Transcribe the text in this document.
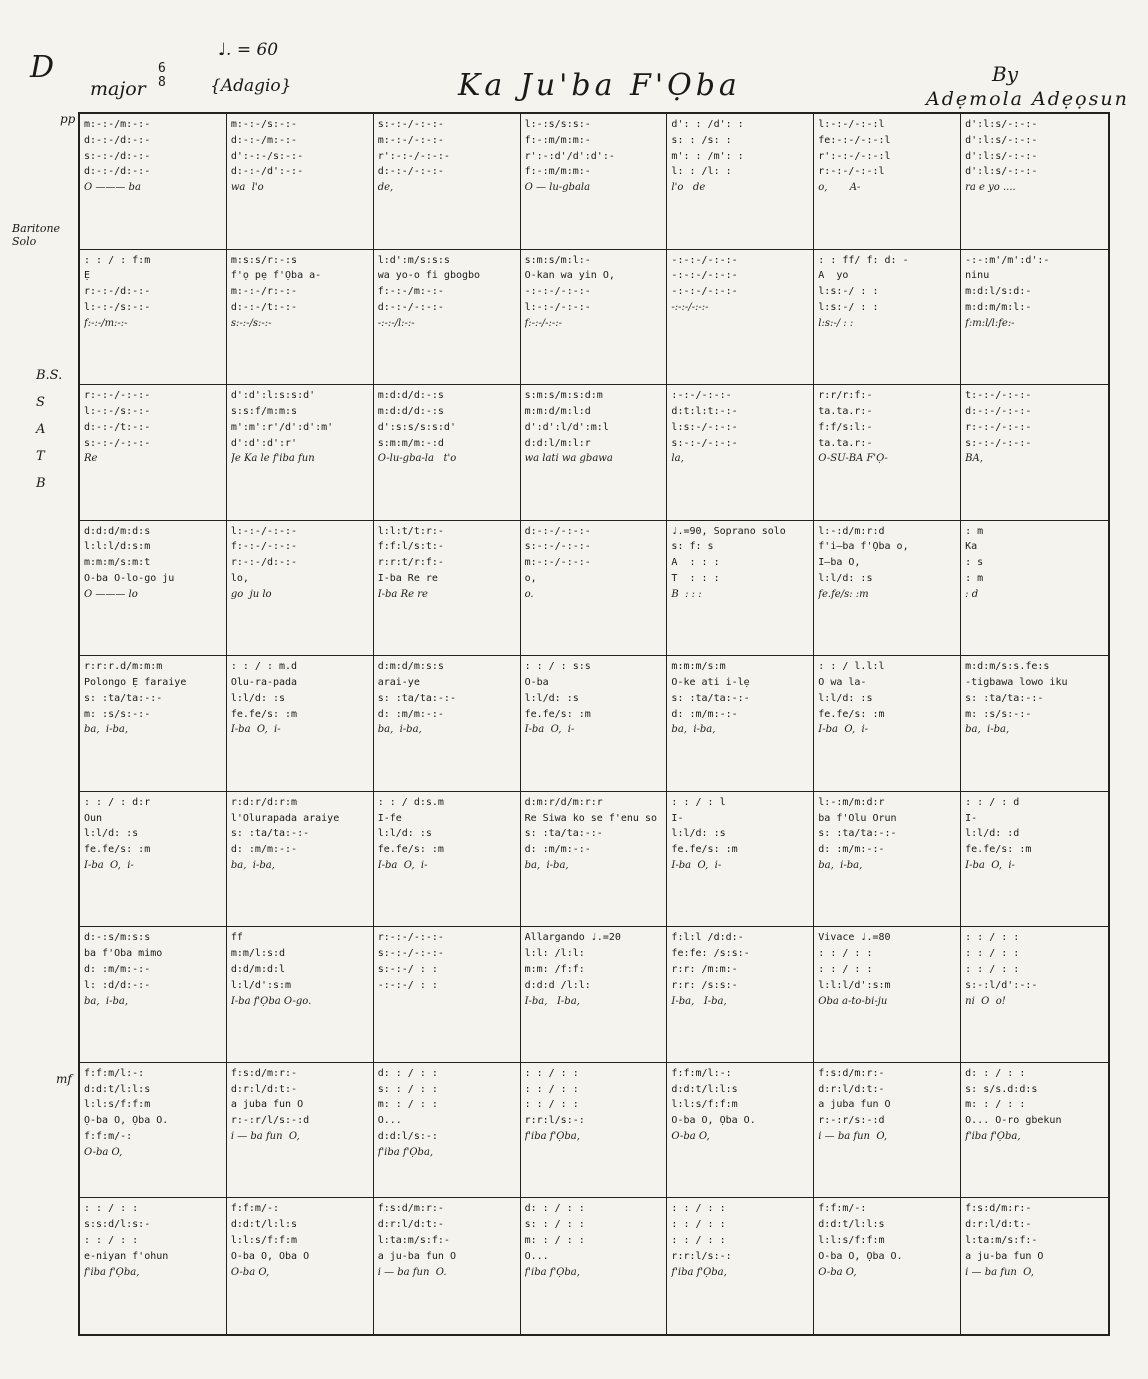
D
major
6
8
♩. = 60
{Adagio}	Ka Ju'ba F'Ọba	By
Adẹmola Adẹọsun
pp
Baritone
Solo
B.S.
S
A
T
B
mf
m:-:-/m:-:-
d:-:-/d:-:-
s:-:-/d:-:-
d:-:-/d:-:-
O ——— ba
m:-:-/s:-:-
d:-:-/m:-:-
d':-:-/s:-:-
d:-:-/d':-:-
wa  l'o
s:-:-/-:-:-
m:-:-/-:-:-
r':-:-/-:-:-
d:-:-/-:-:-
de,
l:-:s/s:s:-
f:-:m/m:m:-
r':-:d'/d':d':-
f:-:m/m:m:-
O — lu-gbala
d': : /d': :
s: : /s: :
m': : /m': :
l: : /l: :
l'o   de
l:-:-/-:-:l
fe:-:-/-:-:l
r':-:-/-:-:l
r:-:-/-:-:l
o,       A-
d':l:s/-:-:-
d':l:s/-:-:-
d':l:s/-:-:-
d':l:s/-:-:-
ra e yo ....
: : / : f:m
Ẹ
r:-:-/d:-:-
l:-:-/s:-:-
f:-:-/m:-:-
m:s:s/r:-:s
f'ọ pẹ f'Ọba a-
m:-:-/r:-:-
d:-:-/t:-:-
s:-:-/s:-:-
l:d':m/s:s:s
wa yo-o fi gbogbo
f:-:-/m:-:-
d:-:-/-:-:-
-:-:-/l:-:-
s:m:s/m:l:-
O-kan wa yin O,
-:-:-/-:-:-
l:-:-/-:-:-
f:-:-/-:-:-
-:-:-/-:-:-
-:-:-/-:-:-
-:-:-/-:-:-
-:-:-/-:-:-
: : ff/ f: d: -
A  yo
l:s:-/ : :
l:s:-/ : :
l:s:-/ : :
-:-:m'/m':d':-
ninu
m:d:l/s:d:-
m:d:m/m:l:-
f:m:l/l:fe:-
r:-:-/-:-:-
l:-:-/s:-:-
d:-:-/t:-:-
s:-:-/-:-:-
Re
d':d':l:s:s:d'
s:s:f/m:m:s
m':m':r'/d':d':m'
d':d':d':r'
Je Ka le f'iba fun
m:d:d/d:-:s
m:d:d/d:-:s
d':s:s/s:s:d'
s:m:m/m:-:d
O-lu-gba-la   t'o
s:m:s/m:s:d:m
m:m:d/m:l:d
d':d':l/d':m:l
d:d:l/m:l:r
wa lati wa gbawa
:-:-/-:-:-
d:t:l:t:-:-
l:s:-/-:-:-
s:-:-/-:-:-
la,
r:r/r:f:-
ta.ta.r:-
f:f/s:l:-
ta.ta.r:-
O-SU-BA F'Ọ-
t:-:-/-:-:-
d:-:-/-:-:-
r:-:-/-:-:-
s:-:-/-:-:-
BA,
d:d:d/m:d:s
l:l:l/d:s:m
m:m:m/s:m:t
O-ba O-lo-go ju
O ——— lo
l:-:-/-:-:-
f:-:-/-:-:-
r:-:-/d:-:-
lo,
go  ju lo
l:l:t/t:r:-
f:f:l/s:t:-
r:r:t/r:f:-
I-ba Re re
I-ba Re re
d:-:-/-:-:-
s:-:-/-:-:-
m:-:-/-:-:-
o,
o.
♩.=90, Soprano solo
s: f: s
A  : : :
T  : : :
B  : : :
l:-:d/m:r:d
f'i—ba f'Ọba o,
I—ba O,
l:l/d: :s
fe.fe/s: :m
: m
Ka
: s
: m
: d
r:r:r.d/m:m:m
Polongo Ẹ faraiye
s: :ta/ta:-:-
m: :s/s:-:-
ba,  i-ba,
: : / : m.d
Olu-ra-pada
l:l/d: :s
fe.fe/s: :m
I-ba  O,  i-
d:m:d/m:s:s
arai-ye
s: :ta/ta:-:-
d: :m/m:-:-
ba,  i-ba,
: : / : s:s
O-ba
l:l/d: :s
fe.fe/s: :m
I-ba  O,  i-
m:m:m/s:m
O-ke ati i-lẹ
s: :ta/ta:-:-
d: :m/m:-:-
ba,  i-ba,
: : / l.l:l
O wa la-
l:l/d: :s
fe.fe/s: :m
I-ba  O,  i-
m:d:m/s:s.fe:s
-tigbawa lowo iku
s: :ta/ta:-:-
m: :s/s:-:-
ba,  i-ba,
: : / : d:r
Oun
l:l/d: :s
fe.fe/s: :m
I-ba  O,  i-
r:d:r/d:r:m
l'Olurapada araiye
s: :ta/ta:-:-
d: :m/m:-:-
ba,  i-ba,
: : / d:s.m
I-fe
l:l/d: :s
fe.fe/s: :m
I-ba  O,  i-
d:m:r/d/m:r:r
Re Siwa ko se f'enu so
s: :ta/ta:-:-
d: :m/m:-:-
ba,  i-ba,
: : / : l
I-
l:l/d: :s
fe.fe/s: :m
I-ba  O,  i-
l:-:m/m:d:r
ba f'Olu Orun
s: :ta/ta:-:-
d: :m/m:-:-
ba,  i-ba,
: : / : d
I-
l:l/d: :d
fe.fe/s: :m
I-ba  O,  i-
d:-:s/m:s:s
ba f'Oba mimo
d: :m/m:-:-
l: :d/d:-:-
ba,  i-ba,
ff
m:m/l:s:d
d:d/m:d:l
l:l/d':s:m
I-ba f'Ọba O-go.
r:-:-/-:-:-
s:-:-/-:-:-
s:-:-/ : :
-:-:-/ : :
Allargando ♩.=20
l:l: /l:l:
m:m: /f:f:
d:d:d /l:l:
I-ba,   I-ba,
f:l:l /d:d:-
fe:fe: /s:s:-
r:r: /m:m:-
r:r: /s:s:-
I-ba,   I-ba,
Vivace ♩.=80
: : / : :
: : / : :
l:l:l/d':s:m
Oba a-to-bi-ju
: : / : :
: : / : :
: : / : :
s:-:l/d':-:-
ni  O  o!
f:f:m/l:-:
d:d:t/l:l:s
l:l:s/f:f:m
Ọ-ba O, Ọba O.
f:f:m/-:
O-ba O,
f:s:d/m:r:-
d:r:l/d:t:-
a juba fun O
r:-:r/l/s:-:d
i — ba fun  O,
d: : / : :
s: : / : :
m: : / : :
O...
d:d:l/s:-:
f'iba f'Ọba,
: : / : :
: : / : :
: : / : :
r:r:l/s:-:
f'iba f'Ọba,
f:f:m/l:-:
d:d:t/l:l:s
l:l:s/f:f:m
O-ba O, Ọba O.
O-ba O,
f:s:d/m:r:-
d:r:l/d:t:-
a juba fun O
r:-:r/s:-:d
i — ba fun  O,
d: : / : :
s: s/s.d:d:s
m: : / : :
O... O-ro gbekun
f'iba f'Ọba,
: : / : :
s:s:d/l:s:-
: : / : :
e-niyan f'ohun
f'iba f'Ọba,
f:f:m/-:
d:d:t/l:l:s
l:l:s/f:f:m
O-ba O, Oba O
O-ba O,
f:s:d/m:r:-
d:r:l/d:t:-
l:ta:m/s:f:-
a ju-ba fun O
i — ba fun  O.
d: : / : :
s: : / : :
m: : / : :
O...
f'iba f'Ọba,
: : / : :
: : / : :
: : / : :
r:r:l/s:-:
f'iba f'Ọba,
f:f:m/-:
d:d:t/l:l:s
l:l:s/f:f:m
O-ba O, Ọba O.
O-ba O,
f:s:d/m:r:-
d:r:l/d:t:-
l:ta:m/s:f:-
a ju-ba fun O
i — ba fun  O,
